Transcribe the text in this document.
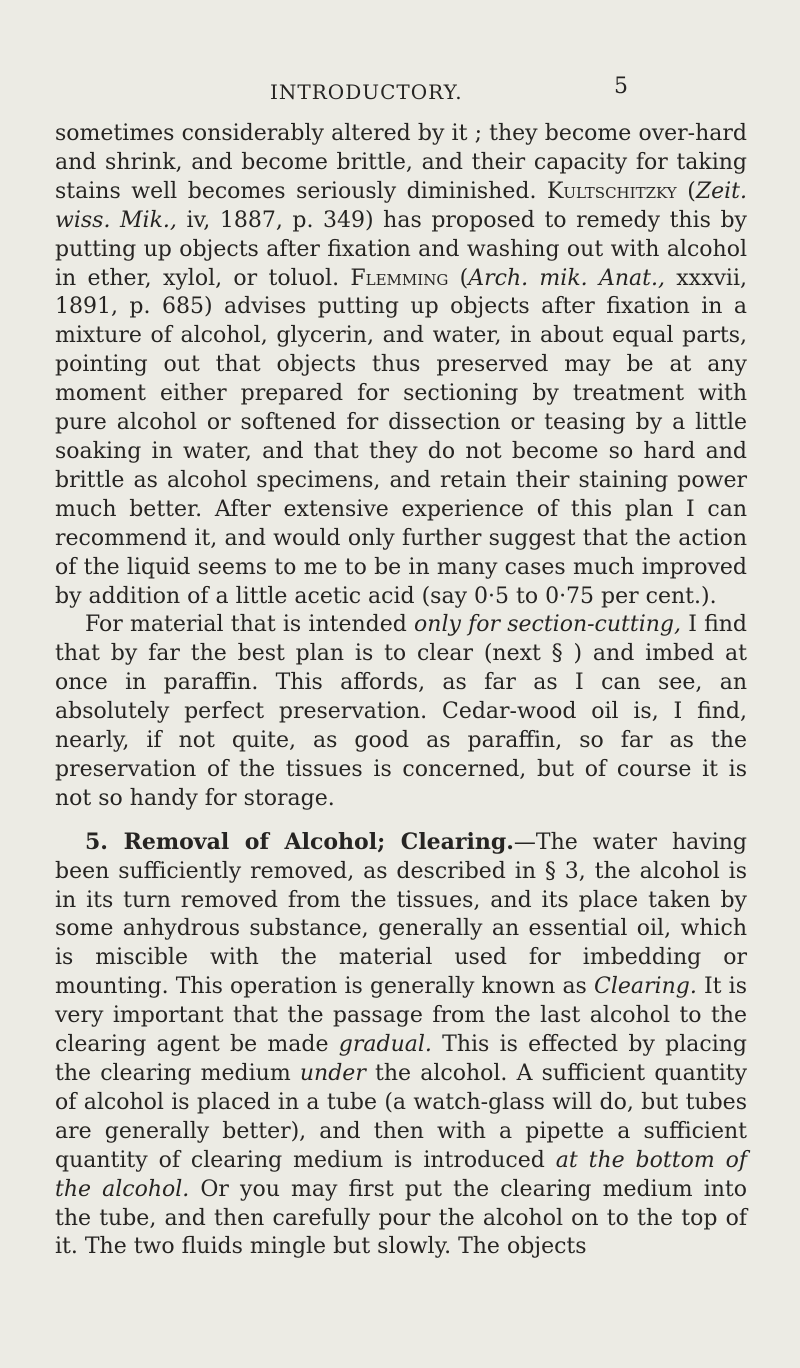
INTRODUCTORY.	5

sometimes considerably altered by it ; they become over-hard and shrink, and become brittle, and their capacity for taking stains well becomes seriously diminished. Kultschitzky (Zeit. wiss. Mik., iv, 1887, p. 349) has proposed to remedy this by putting up objects after fixation and washing out with alcohol in ether, xylol, or toluol. Flemming (Arch. mik. Anat., xxxvii, 1891, p. 685) advises putting up objects after fixation in a mixture of alcohol, glycerin, and water, in about equal parts, pointing out that objects thus preserved may be at any moment either prepared for sectioning by treatment with pure alcohol or softened for dissection or teasing by a little soaking in water, and that they do not become so hard and brittle as alcohol specimens, and retain their staining power much better. After extensive experience of this plan I can recommend it, and would only further suggest that the action of the liquid seems to me to be in many cases much improved by addition of a little acetic acid (say 0·5 to 0·75 per cent.).

For material that is intended only for section-cutting, I find that by far the best plan is to clear (next § ) and imbed at once in paraffin. This affords, as far as I can see, an absolutely perfect preservation. Cedar-wood oil is, I find, nearly, if not quite, as good as paraffin, so far as the preservation of the tissues is concerned, but of course it is not so handy for storage.

5. Removal of Alcohol; Clearing.—The water having been sufficiently removed, as described in § 3, the alcohol is in its turn removed from the tissues, and its place taken by some anhydrous substance, generally an essential oil, which is miscible with the material used for imbedding or mounting. This operation is generally known as Clearing. It is very important that the passage from the last alcohol to the clearing agent be made gradual. This is effected by placing the clearing medium under the alcohol. A sufficient quantity of alcohol is placed in a tube (a watch-glass will do, but tubes are generally better), and then with a pipette a sufficient quantity of clearing medium is introduced at the bottom of the alcohol. Or you may first put the clearing medium into the tube, and then carefully pour the alcohol on to the top of it. The two fluids mingle but slowly. The objects
